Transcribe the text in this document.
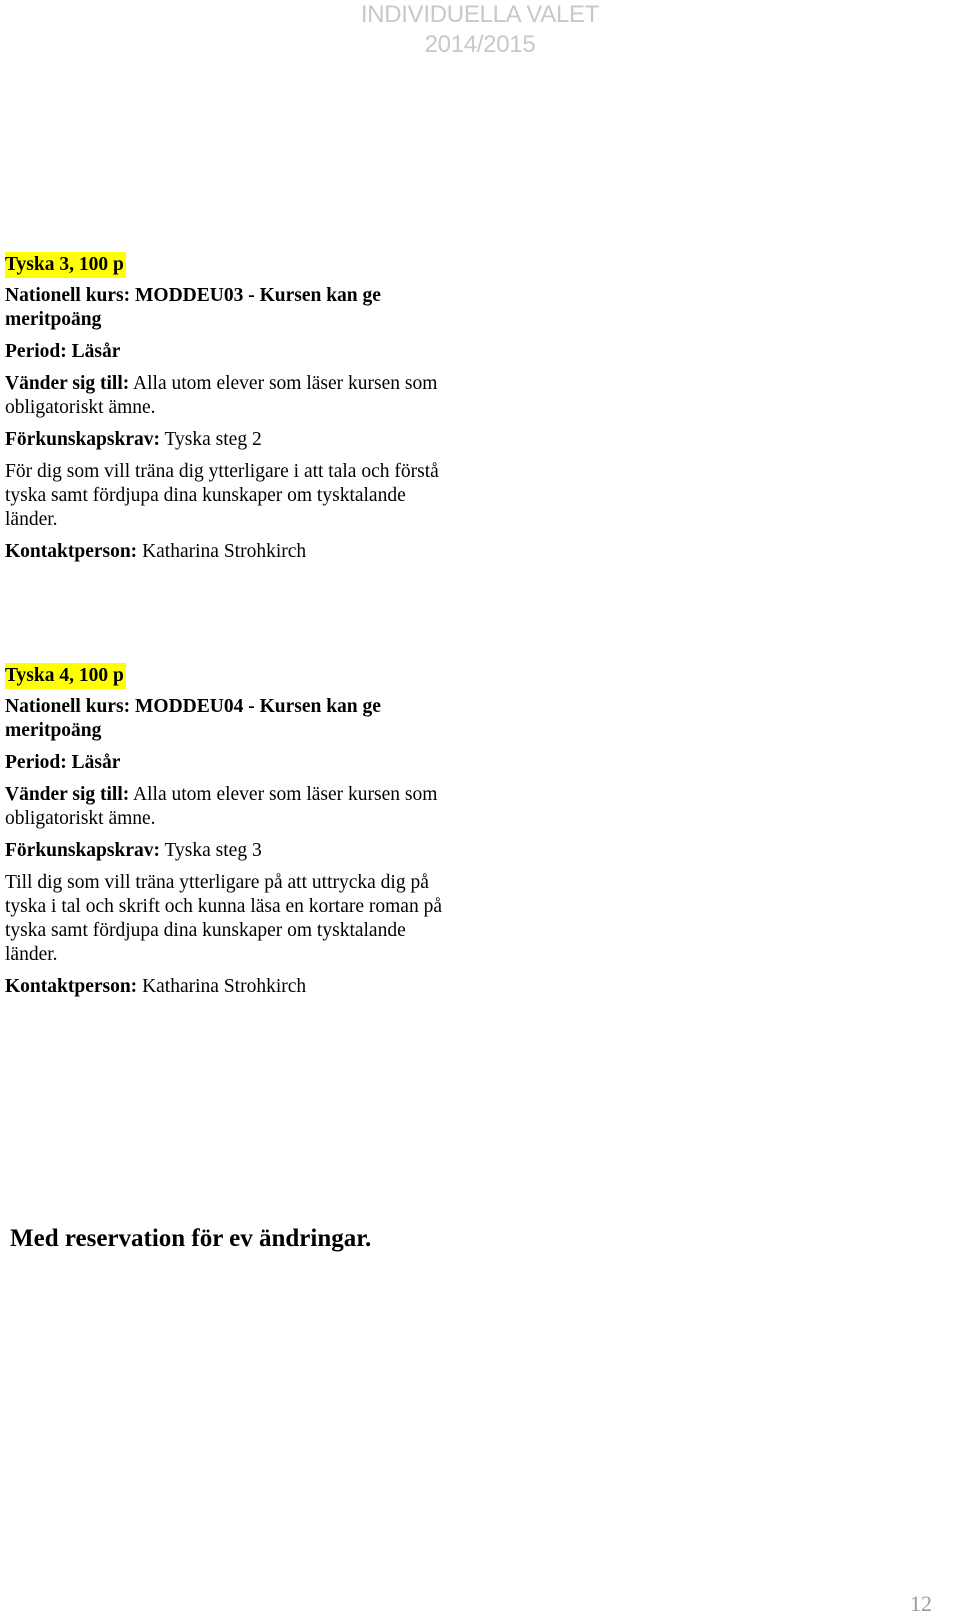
INDIVIDUELLA VALET 2014/2015

Tyska 3, 100 p

Nationell kurs: MODDEU03 - Kursen kan ge meritpoäng

Period: Läsår

Vänder sig till: Alla utom elever som läser kursen som obligatoriskt ämne.

Förkunskapskrav: Tyska steg 2

För dig som vill träna dig ytterligare i att tala och förstå tyska samt fördjupa dina kunskaper om tysktalande länder.

Kontaktperson: Katharina Strohkirch

Tyska 4, 100 p

Nationell kurs: MODDEU04 - Kursen kan ge meritpoäng

Period: Läsår

Vänder sig till: Alla utom elever som läser kursen som obligatoriskt ämne.

Förkunskapskrav: Tyska steg 3

Till dig som vill träna ytterligare på att uttrycka dig på tyska i tal och skrift och kunna läsa en kortare roman på tyska samt fördjupa dina kunskaper om tysktalande länder.

Kontaktperson: Katharina Strohkirch

Med reservation för ev ändringar.
12
